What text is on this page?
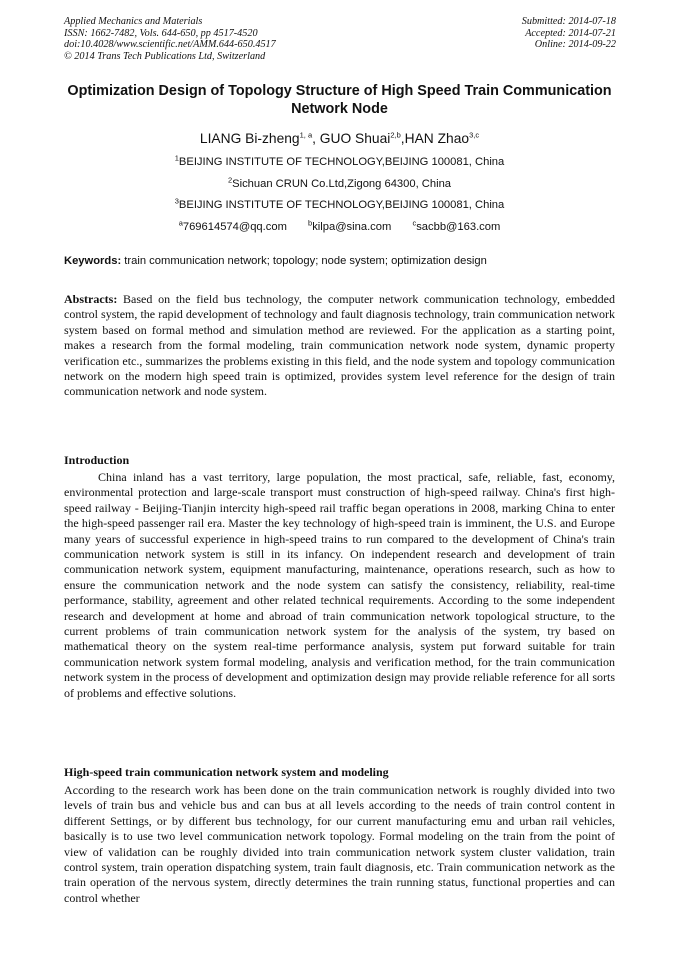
Applied Mechanics and Materials
ISSN: 1662-7482, Vols. 644-650, pp 4517-4520
doi:10.4028/www.scientific.net/AMM.644-650.4517
© 2014 Trans Tech Publications Ltd, Switzerland
Submitted: 2014-07-18
Accepted: 2014-07-21
Online: 2014-09-22
Optimization Design of Topology Structure of High Speed Train Communication Network Node
LIANG Bi-zheng$^{1, a}$, GUO Shuai$^{2,b}$,HAN Zhao$^{3,c}$
$^1$BEIJING INSTITUTE OF TECHNOLOGY,BEIJING 100081, China
$^2$Sichuan CRUN Co.Ltd,Zigong 64300, China
$^3$BEIJING INSTITUTE OF TECHNOLOGY,BEIJING 100081, China
$^a$769614574@qq.com	$^b$kilpa@sina.com	$^c$sacbb@163.com
Keywords: train communication network; topology; node system; optimization design

Abstracts: Based on the field bus technology, the computer network communication technology, embedded control system, the rapid development of technology and fault diagnosis technology, train communication network system based on formal method and simulation method are reviewed. For the application as a starting point, makes a research from the formal modeling, train communication network node system, dynamic property verification etc., summarizes the problems existing in this field, and the node system and topology communication network on the modern high speed train is optimized, provides system level reference for the design of train communication network and node system.

Introduction
China inland has a vast territory, large population, the most practical, safe, reliable, fast, economy, environmental protection and large-scale transport must construction of high-speed railway. China's first high-speed railway - Beijing-Tianjin intercity high-speed rail traffic began operations in 2008, marking China to enter the high-speed passenger rail era. Master the key technology of high-speed train is imminent, the U.S. and Europe many years of successful experience in high-speed trains to run compared to the development of China's train communication network system is still in its infancy. On independent research and development of train communication network system, equipment manufacturing, maintenance, operations research, such as how to ensure the communication network and the node system can satisfy the consistency, reliability, real-time performance, stability, agreement and other related technical requirements. According to the some independent research and development at home and abroad of train communication network topological structure, to the current problems of train communication network system for the analysis of the system, try based on mathematical theory on the system real-time performance analysis, system put forward suitable for train communication network system formal modeling, analysis and verification method, for the train communication network system in the process of development and optimization design may provide reliable reference for all sorts of problems and effective solutions.
High-speed train communication network system and modeling
According to the research work has been done on the train communication network is roughly divided into two levels of train bus and vehicle bus and can bus at all levels according to the needs of train control content in different Settings, or by different bus technology, for our current manufacturing emu and urban rail vehicles, basically is to use two level communication network topology. Formal modeling on the train from the point of view of validation can be roughly divided into train communication network system cluster validation, train control system, train operation dispatching system, train fault diagnosis, etc. Train communication network as the train operation of the nervous system, directly determines the train running status, functional properties and can control whether
